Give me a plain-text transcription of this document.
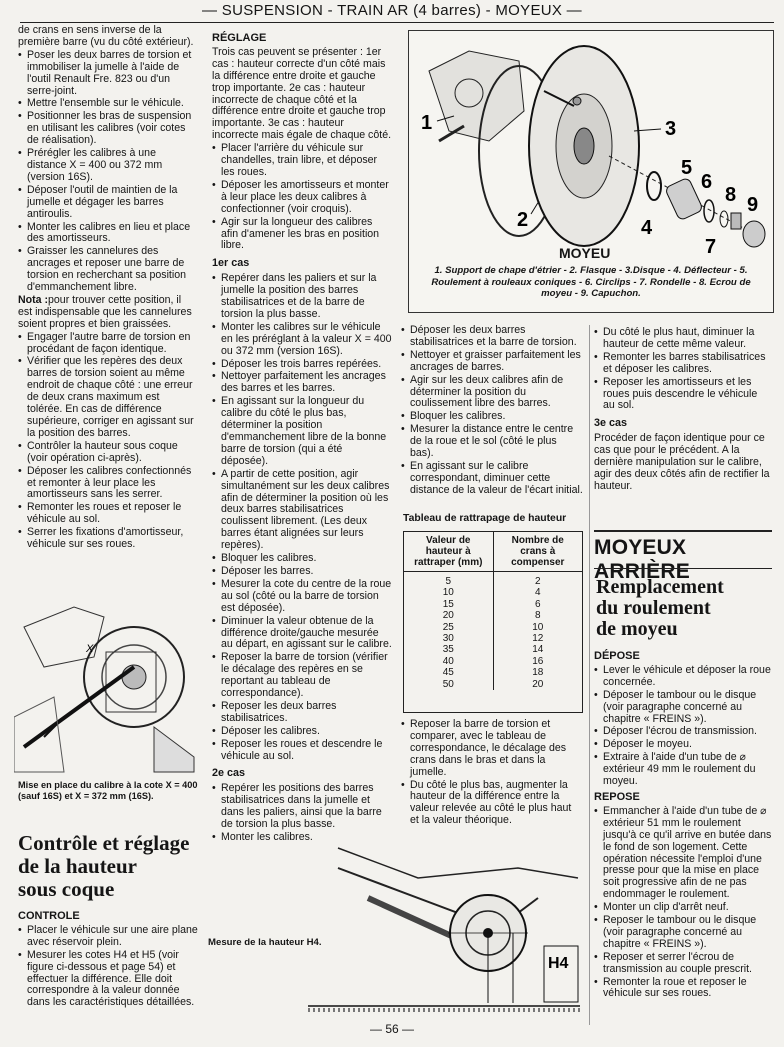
— SUSPENSION - TRAIN AR (4 barres) - MOYEUX —

de crans en sens inverse de la première barre (vu du côté extérieur).

• Poser les deux barres de torsion et immobiliser la jumelle à l'aide de l'outil Renault Fre. 823 ou d'un serre-joint.

• Mettre l'ensemble sur le véhicule.

• Positionner les bras de suspension en utilisant les calibres (voir cotes de réalisation).

• Prérégler les calibres à une distance X = 400 ou 372 mm (version 16S).

• Déposer l'outil de maintien de la jumelle et dégager les barres antiroulis.

• Monter les calibres en lieu et place des amortisseurs.

• Graisser les cannelures des ancrages et reposer une barre de torsion en recherchant sa position d'emmanchement libre.

Nota :pour trouver cette position, il est indispensable que les cannelures soient propres et bien graissées.

• Engager l'autre barre de torsion en procédant de façon identique.

• Vérifier que les repères des deux barres de torsion soient au même endroit de chaque côté : une erreur de deux crans maximum est tolérée. En cas de différence supérieure, corriger en agissant sur la position des barres.

• Contrôler la hauteur sous coque (voir opération ci-après).

• Déposer les calibres confectionnés et remonter à leur place les amortisseurs sans les serrer.

• Remonter les roues et reposer le véhicule au sol.

• Serrer les fixations d'amortisseur, véhicule sur ses roues.

X
Mise en place du calibre à la cote X = 400 (sauf 16S) et X = 372 mm (16S).
Contrôle et réglage
de la hauteur
sous coque
CONTROLE

• Placer le véhicule sur une aire plane avec réservoir plein.

• Mesurer les cotes H4 et H5 (voir figure ci-dessous et page 54) et effectuer la différence. Elle doit correspondre à la valeur donnée dans les caractéristiques détaillées.

RÉGLAGE

Trois cas peuvent se présenter : 1er cas : hauteur correcte d'un côté mais la différence entre droite et gauche trop importante. 2e cas : hauteur incorrecte de chaque côté et la différence entre droite et gauche trop importante. 3e cas : hauteur incorrecte mais égale de chaque côté.

• Placer l'arrière du véhicule sur chandelles, train libre, et déposer les roues.

• Déposer les amortisseurs et monter à leur place les deux calibres à confectionner (voir croquis).

• Agir sur la longueur des calibres afin d'amener les bras en position libre.

1er cas

• Repérer dans les paliers et sur la jumelle la position des barres stabilisatrices et de la barre de torsion la plus basse.

• Monter les calibres sur le véhicule en les préréglant à la valeur X = 400 ou 372 mm (version 16S).

• Déposer les trois barres repérées.

• Nettoyer parfaitement les ancrages des barres et les barres.

• En agissant sur la longueur du calibre du côté le plus bas, déterminer la position d'emmanchement libre de la bonne barre de torsion (qui a été déposée).

• A partir de cette position, agir simultanément sur les deux calibres afin de déterminer la position où les deux barres stabilisatrices coulissent librement. (Les deux barres étant alignées sur leurs repères).

• Bloquer les calibres.

• Déposer les barres.

• Mesurer la cote du centre de la roue au sol (côté ou la barre de torsion est déposée).

• Diminuer la valeur obtenue de la différence droite/gauche mesurée au départ, en agissant sur le calibre.

• Reposer la barre de torsion (vérifier le décalage des repères en se reportant au tableau de correspondance).

• Reposer les deux barres stabilisatrices.

• Déposer les calibres.

• Reposer les roues et descendre le véhicule au sol.

2e cas

• Repérer les positions des barres stabilisatrices dans la jumelle et dans les paliers, ainsi que la barre de torsion la plus basse.

• Monter les calibres.

1
2
3
4
5
6
7
8 9
MOYEU
1. Support de chape d'étrier - 2. Flasque - 3.Disque - 4. Déflecteur - 5. Roulement à rouleaux coniques - 6. Circlips - 7. Rondelle - 8. Ecrou de moyeu - 9. Capuchon.

• Déposer les deux barres stabilisatrices et la barre de torsion.

• Nettoyer et graisser parfaitement les ancrages de barres.

• Agir sur les deux calibres afin de déterminer la position du coulissement libre des barres.

• Bloquer les calibres.

• Mesurer la distance entre le centre de la roue et le sol (côté le plus bas).

• En agissant sur le calibre correspondant, diminuer cette distance de la valeur de l'écart initial.

Tableau de rattrapage de hauteur
Valeur de hauteur à rattraper (mm)	Nombre de crans à compenser
5	2
10	4
15	6
20	8
25	10
30	12
35	14
40	16
45	18
50	20

• Reposer la barre de torsion et comparer, avec le tableau de correspondance, le décalage des crans dans le bras et dans la jumelle.

• Du côté le plus bas, augmenter la hauteur de la différence entre la valeur relevée au côté le plus haut et la valeur théorique.

H4
Mesure de la hauteur H4.

• Du côté le plus haut, diminuer la hauteur de cette même valeur.

• Remonter les barres stabilisatrices et déposer les calibres.

• Reposer les amortisseurs et les roues puis descendre le véhicule au sol.

3e cas

Procéder de façon identique pour ce cas que pour le précédent. A la dernière manipulation sur le calibre, agir des deux côtés afin de rectifier la hauteur.

MOYEUX ARRIÈRE
Remplacement
du roulement
de moyeu
DÉPOSE

• Lever le véhicule et déposer la roue concernée.

• Déposer le tambour ou le disque (voir paragraphe concerné au chapitre « FREINS »).

• Déposer l'écrou de transmission.

• Déposer le moyeu.

• Extraire à l'aide d'un tube de ⌀ extérieur 49 mm le roulement du moyeu.

REPOSE

• Emmancher à l'aide d'un tube de ⌀ extérieur 51 mm le roulement jusqu'à ce qu'il arrive en butée dans le fond de son logement. Cette opération nécessite l'emploi d'une presse pour que la mise en place soit progressive afin de ne pas endommager le roulement.

• Monter un clip d'arrêt neuf.

• Reposer le tambour ou le disque (voir paragraphe concerné au chapitre « FREINS »).

• Reposer et serrer l'écrou de transmission au couple prescrit.

• Remonter la roue et reposer le véhicule sur ses roues.

— 56 —
